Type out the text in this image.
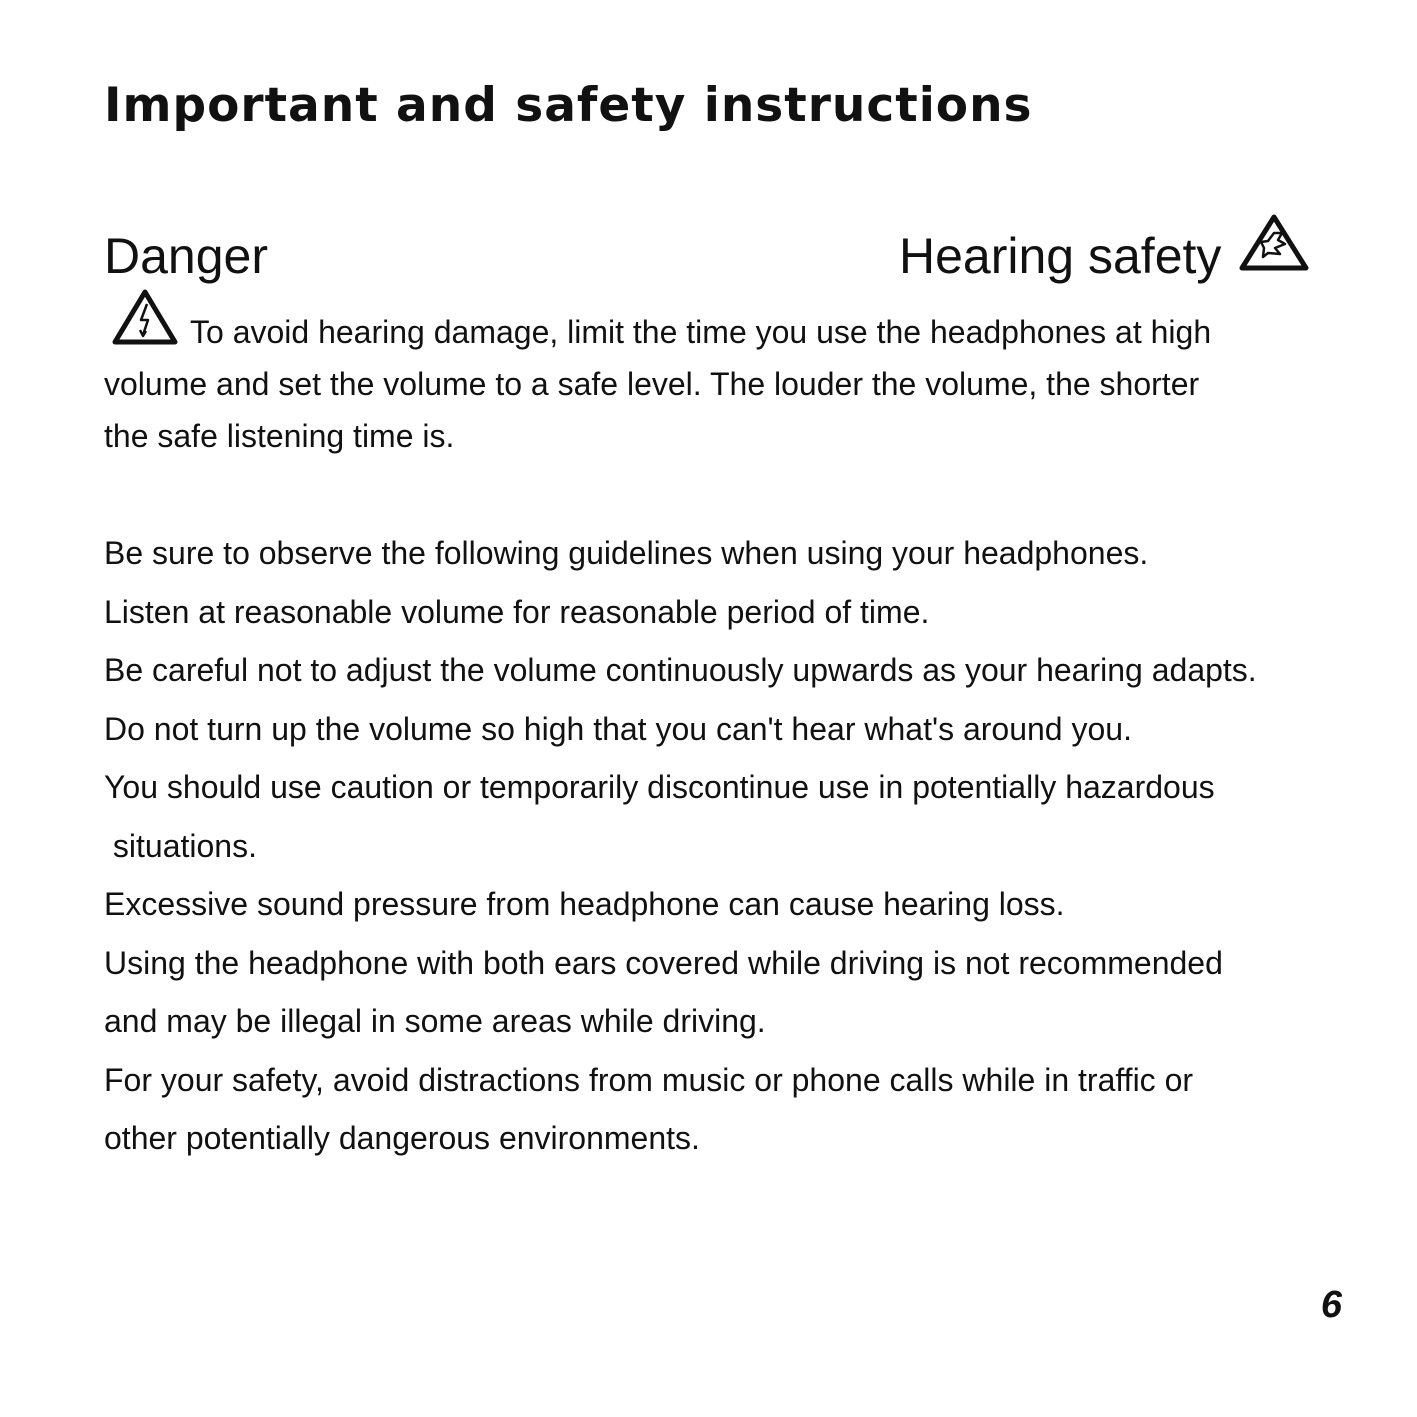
Important and safety instructions
Danger	Hearing safety

To avoid hearing damage, limit the time you use the headphones at high
volume and set the volume to a safe level. The louder the volume, the shorter
the safe listening time is.

Be sure to observe the following guidelines when using your headphones.
Listen at reasonable volume for reasonable period of time.
Be careful not to adjust the volume continuously upwards as your hearing adapts.
Do not turn up the volume so high that you can't hear what's around you.
You should use caution or temporarily discontinue use in potentially hazardous
situations.
Excessive sound pressure from headphone can cause hearing loss.
Using the headphone with both ears covered while driving is not recommended
and may be illegal in some areas while driving.
For your safety, avoid distractions from music or phone calls while in traffic or
other potentially dangerous environments.
6
